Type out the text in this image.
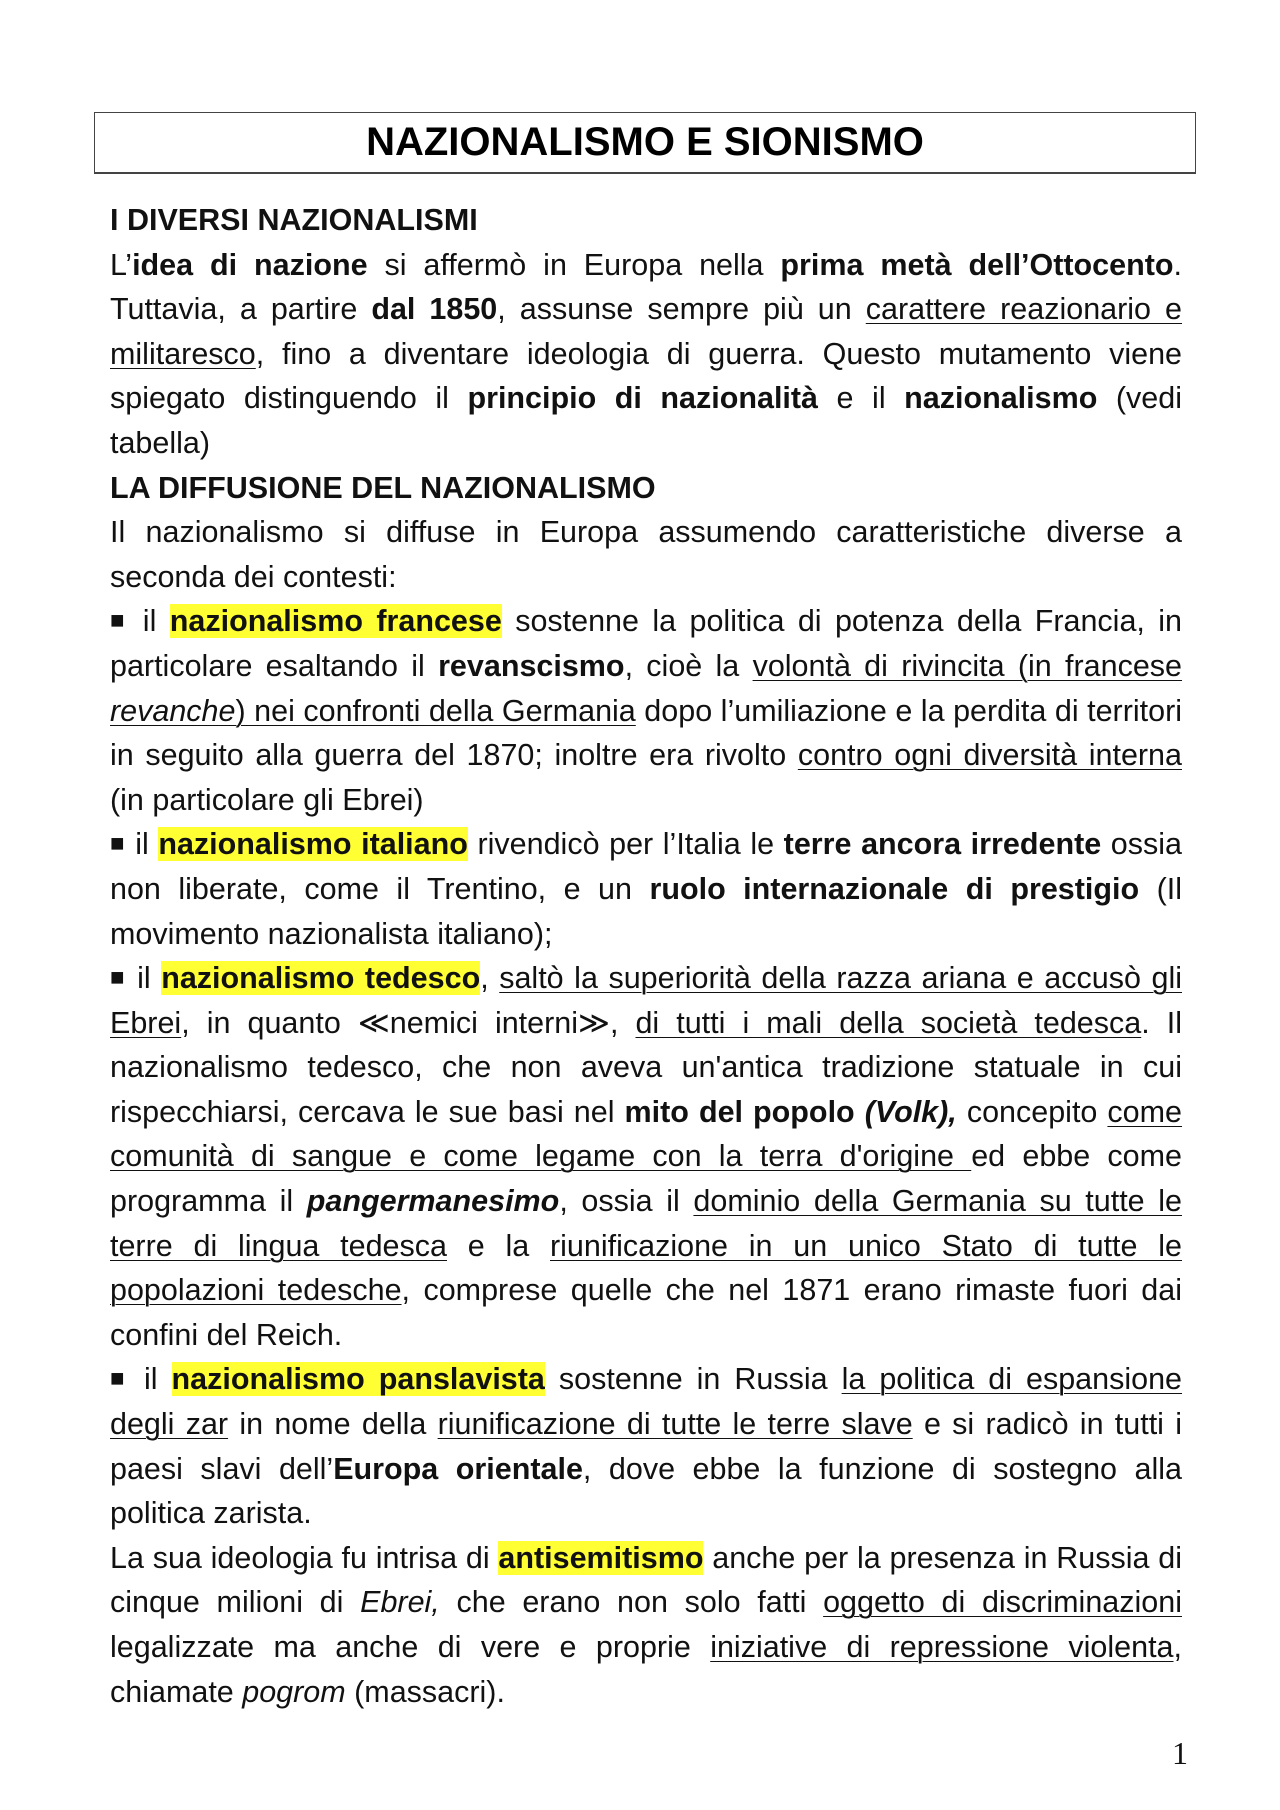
NAZIONALISMO E SIONISMO
I DIVERSI NAZIONALISMI

L’idea di nazione si affermò in Europa nella prima metà dell’Ottocento. Tuttavia, a partire dal 1850, assunse sempre più un carattere reazionario e militaresco, fino a diventare ideologia di guerra. Questo mutamento viene spiegato distinguendo il principio di nazionalità e il nazionalismo (vedi tabella)

LA DIFFUSIONE DEL NAZIONALISMO

Il nazionalismo si diffuse in Europa assumendo caratteristiche diverse a seconda dei contesti:

■ il nazionalismo francese sostenne la politica di potenza della Francia, in particolare esaltando il revanscismo, cioè la volontà di rivincita (in francese revanche) nei confronti della Germania dopo l’umiliazione e la perdita di territori in seguito alla guerra del 1870; inoltre era rivolto contro ogni diversità interna (in particolare gli Ebrei)

■ il nazionalismo italiano rivendicò per l’Italia le terre ancora irredente ossia non liberate, come il Trentino, e un ruolo internazionale di prestigio (Il movimento nazionalista italiano);

■ il nazionalismo tedesco, saltò la superiorità della razza ariana e accusò gli Ebrei, in quanto ≪nemici interni≫, di tutti i mali della società tedesca. Il nazionalismo tedesco, che non aveva un'antica tradizione statuale in cui rispecchiarsi, cercava le sue basi nel mito del popolo (Volk), concepito come comunità di sangue e come legame con la terra d'origine ed ebbe come programma il pangermanesimo, ossia il dominio della Germania su tutte le terre di lingua tedesca e la riunificazione in un unico Stato di tutte le popolazioni tedesche, comprese quelle che nel 1871 erano rimaste fuori dai confini del Reich.

■ il nazionalismo panslavista sostenne in Russia la politica di espansione degli zar in nome della riunificazione di tutte le terre slave e si radicò in tutti i paesi slavi dell’Europa orientale, dove ebbe la funzione di sostegno alla politica zarista.

La sua ideologia fu intrisa di antisemitismo anche per la presenza in Russia di cinque milioni di Ebrei, che erano non solo fatti oggetto di discriminazioni legalizzate ma anche di vere e proprie iniziative di repressione violenta, chiamate pogrom (massacri).

1
